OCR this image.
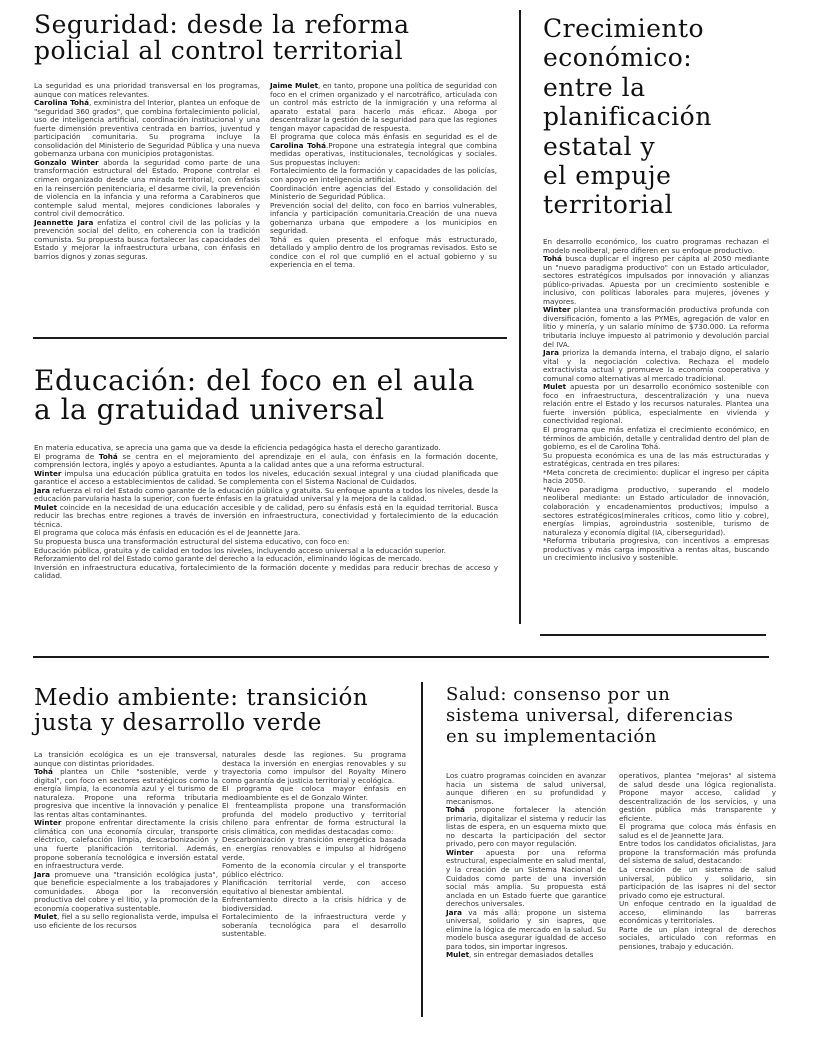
Seguridad: desde la reforma
policial al control territorial

La seguridad es una prioridad transversal en los programas, aunque con matices relevantes.

Carolina Tohá, exministra del Interior, plantea un enfoque de "seguridad 360 grados", que combina fortalecimiento policial, uso de inteligencia artificial, coordinación institucional y una fuerte dimensión preventiva centrada en barrios, juventud y participación comunitaria. Su programa incluye la consolidación del Ministerio de Seguridad Pública y una nueva gobernanza urbana con municipios protagonistas.

Gonzalo Winter aborda la seguridad como parte de una transformación estructural del Estado. Propone controlar el crimen organizado desde una mirada territorial, con énfasis en la reinserción penitenciaria, el desarme civil, la prevención de violencia en la infancia y una reforma a Carabineros que contemple salud mental, mejores condiciones laborales y control civil democrático.

Jeannette Jara enfatiza el control civil de las policías y la prevención social del delito, en coherencia con la tradición comunista. Su propuesta busca fortalecer las capacidades del Estado y mejorar la infraestructura urbana, con énfasis en barrios dignos y zonas seguras.

Jaime Mulet, en tanto, propone una política de seguridad con foco en el crimen organizado y el narcotráfico, articulada con un control más estricto de la inmigración y una reforma al aparato estatal para hacerlo más eficaz. Aboga por descentralizar la gestión de la seguridad para que las regiones tengan mayor capacidad de respuesta.

El programa que coloca más énfasis en seguridad es el de Carolina Tohá.Propone una estrategia integral que combina medidas operativas, institucionales, tecnológicas y sociales. Sus propuestas incluyen:

Fortalecimiento de la formación y capacidades de las policías, con apoyo en inteligencia artificial.

Coordinación entre agencias del Estado y consolidación del Ministerio de Seguridad Pública.

Prevención social del delito, con foco en barrios vulnerables, infancia y participación comunitaria.Creación de una nueva gobernanza urbana que empodere a los municipios en seguridad.

Tohá es quien presenta el enfoque más estructurado, detallado y amplio dentro de los programas revisados. Esto se condice con el rol que cumplió en el actual gobierno y su experiencia en el tema.

Crecimiento
económico:
entre la
planificación
estatal y
el empuje
territorial

En desarrollo económico, los cuatro programas rechazan el modelo neoliberal, pero difieren en su enfoque productivo.

Tohá busca duplicar el ingreso per cápita al 2050 mediante un "nuevo paradigma productivo" con un Estado articulador, sectores estratégicos impulsados por innovación y alianzas público-privadas. Apuesta por un crecimiento sostenible e inclusivo, con políticas laborales para mujeres, jóvenes y mayores.

Winter plantea una transformación productiva profunda con diversificación, fomento a las PYMEs, agregación de valor en litio y minería, y un salario mínimo de $730.000. La reforma tributaria incluye impuesto al patrimonio y devolución parcial del IVA.

Jara prioriza la demanda interna, el trabajo digno, el salario vital y la negociación colectiva. Rechaza el modelo extractivista actual y promueve la economía cooperativa y comunal como alternativas al mercado tradicional.

Mulet apuesta por un desarrollo económico sostenible con foco en infraestructura, descentralización y una nueva relación entre el Estado y los recursos naturales. Plantea una fuerte inversión pública, especialmente en vivienda y conectividad regional.

El programa que más enfatiza el crecimiento económico, en términos de ambición, detalle y centralidad dentro del plan de gobierno, es el de Carolina Tohá.

Su propuesta económica es una de las más estructuradas y estratégicas, centrada en tres pilares:

*Meta concreta de crecimiento: duplicar el ingreso per cápita hacia 2050.

*Nuevo paradigma productivo, superando el modelo neoliberal mediante: un Estado articulador de innovación, colaboración y encadenamientos productivos; impulso a sectores estratégicos(minerales críticos, como litio y cobre), energías limpias, agroindustria sostenible, turismo de naturaleza y economía digital (IA, ciberseguridad).

*Reforma tributaria progresiva, con incentivos a empresas productivas y más carga impositiva a rentas altas, buscando un crecimiento inclusivo y sostenible.

Educación: del foco en el aula
a la gratuidad universal

En materia educativa, se aprecia una gama que va desde la eficiencia pedagógica hasta el derecho garantizado.

El programa de Tohá se centra en el mejoramiento del aprendizaje en el aula, con énfasis en la formación docente, comprensión lectora, inglés y apoyo a estudiantes. Apunta a la calidad antes que a una reforma estructural.

Winter impulsa una educación pública gratuita en todos los niveles, educación sexual integral y una ciudad planificada que garantice el acceso a establecimientos de calidad. Se complementa con el Sistema Nacional de Cuidados.

Jara refuerza el rol del Estado como garante de la educación pública y gratuita. Su enfoque apunta a todos los niveles, desde la educación parvularia hasta la superior, con fuerte énfasis en la gratuidad universal y la mejora de la calidad.

Mulet coincide en la necesidad de una educación accesible y de calidad, pero su énfasis está en la equidad territorial. Busca reducir las brechas entre regiones a través de inversión en infraestructura, conectividad y fortalecimiento de la educación técnica.

El programa que coloca más énfasis en educación es el de Jeannette Jara.

Su propuesta busca una transformación estructural del sistema educativo, con foco en:

Educación pública, gratuita y de calidad en todos los niveles, incluyendo acceso universal a la educación superior.

Reforzamiento del rol del Estado como garante del derecho a la educación, eliminando lógicas de mercado.

Inversión en infraestructura educativa, fortalecimiento de la formación docente y medidas para reducir brechas de acceso y calidad.

Medio ambiente: transición
justa y desarrollo verde

La transición ecológica es un eje transversal, aunque con distintas prioridades.

Tohá plantea un Chile "sostenible, verde y digital", con foco en sectores estratégicos como la energía limpia, la economía azul y el turismo de naturaleza. Propone una reforma tributaria progresiva que incentive la innovación y penalice las rentas altas contaminantes.

Winter propone enfrentar directamente la crisis climática con una economía circular, transporte eléctrico, calefacción limpia, descarbonización y una fuerte planificación territorial. Además, propone soberanía tecnológica e inversión estatal en infraestructura verde.

Jara promueve una "transición ecológica justa", que beneficie especialmente a los trabajadores y comunidades. Aboga por la reconversión productiva del cobre y el litio, y la promoción de la economía cooperativa sustentable.

Mulet, fiel a su sello regionalista verde, impulsa el uso eficiente de los recursos

naturales desde las regiones. Su programa destaca la inversión en energías renovables y su trayectoria como impulsor del Royalty Minero como garantía de justicia territorial y ecológica.

El programa que coloca mayor énfasis en medioambiente es el de Gonzalo Winter.

El frenteamplista propone una transformación profunda del modelo productivo y territorial chileno para enfrentar de forma estructural la crisis climática, con medidas destacadas como:

Descarbonización y transición energética basada en energías renovables e impulso al hidrógeno verde.

Fomento de la economía circular y el transporte público eléctrico.

Planificación territorial verde, con acceso equitativo al bienestar ambiental.

Enfrentamiento directo a la crisis hídrica y de biodiversidad.

Fortalecimiento de la infraestructura verde y soberanía tecnológica para el desarrollo sustentable.

Salud: consenso por un
sistema universal, diferencias
en su implementación

Los cuatro programas coinciden en avanzar hacia un sistema de salud universal, aunque difieren en su profundidad y mecanismos.

Tohá propone fortalecer la atención primaria, digitalizar el sistema y reducir las listas de espera, en un esquema mixto que no descarta la participación del sector privado, pero con mayor regulación.

Winter apuesta por una reforma estructural, especialmente en salud mental, y la creación de un Sistema Nacional de Cuidados como parte de una inversión social más amplia. Su propuesta está anclada en un Estado fuerte que garantice derechos universales.

Jara va más allá: propone un sistema universal, solidario y sin isapres, que elimine la lógica de mercado en la salud. Su modelo busca asegurar igualdad de acceso para todos, sin importar ingresos.

Mulet, sin entregar demasiados detalles

operativos, plantea "mejoras" al sistema de salud desde una lógica regionalista. Propone mayor acceso, calidad y descentralización de los servicios, y una gestión pública más transparente y eficiente.

El programa que coloca más énfasis en salud es el de Jeannette Jara.

Entre todos los candidatos oficialistas, Jara propone la transformación más profunda del sistema de salud, destacando:

La creación de un sistema de salud universal, público y solidario, sin participación de las isapres ni del sector privado como eje estructural.

Un enfoque centrado en la igualdad de acceso, eliminando las barreras económicas y territoriales.

Parte de un plan integral de derechos sociales, articulado con reformas en pensiones, trabajo y educación.
